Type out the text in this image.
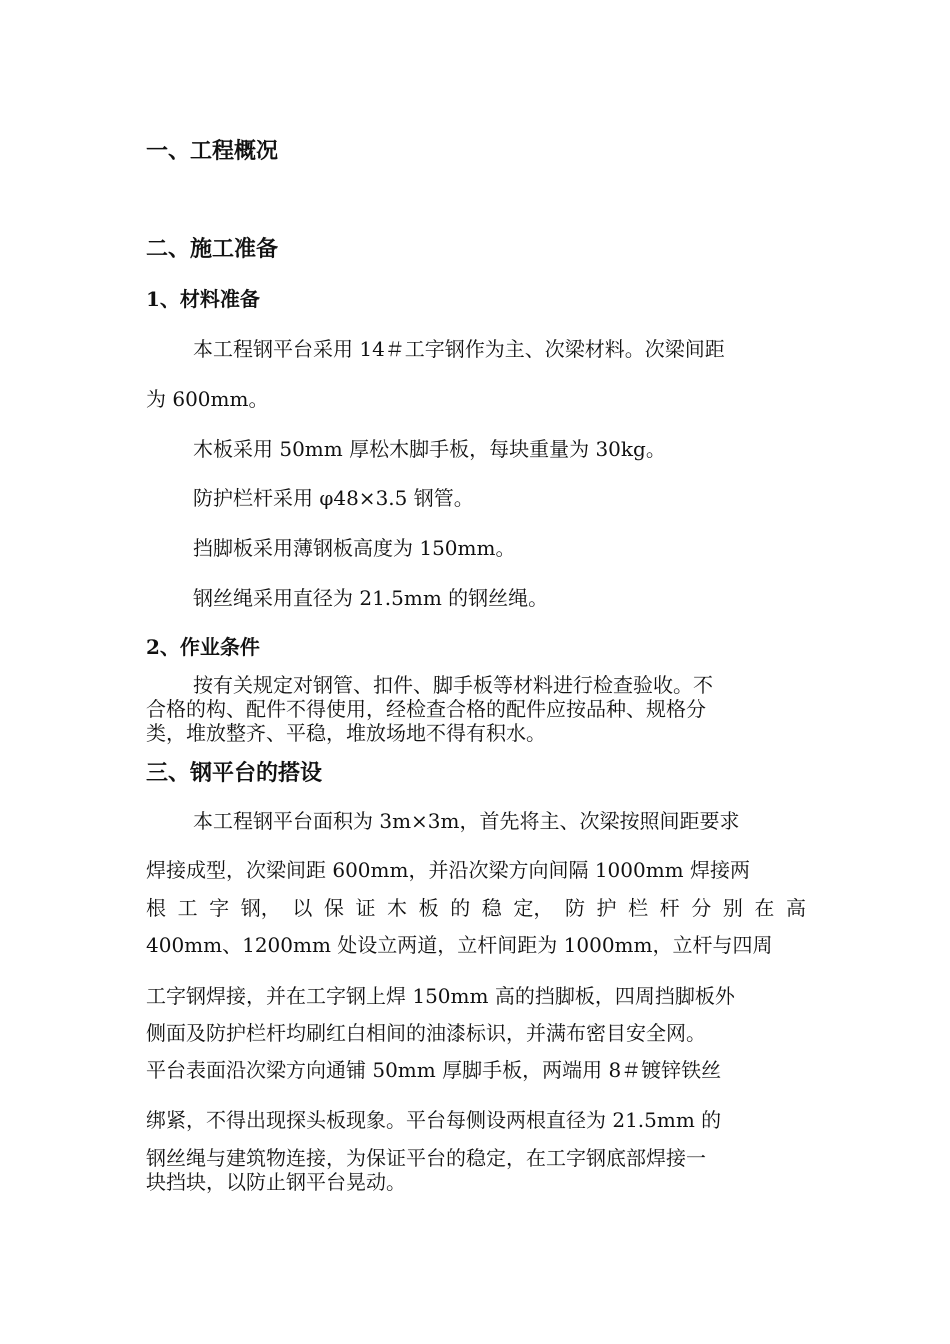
一、工程概况
二、施工准备
1、材料准备
本工程钢平台采用 14＃工字钢作为主、次梁材料。次梁间距
为 600mm。
木板采用 50mm 厚松木脚手板，每块重量为 30kg。
防护栏杆采用 φ48×3.5 钢管。
挡脚板采用薄钢板高度为 150mm。
钢丝绳采用直径为 21.5mm 的钢丝绳。
2、作业条件
按有关规定对钢管、扣件、脚手板等材料进行检查验收。不
合格的构、配件不得使用，经检查合格的配件应按品种、规格分
类，堆放整齐、平稳，堆放场地不得有积水。
三、钢平台的搭设
本工程钢平台面积为 3m×3m，首先将主、次梁按照间距要求
焊接成型，次梁间距 600mm，并沿次梁方向间隔 1000mm 焊接两
根 工 字 钢， 以 保 证 木 板 的 稳 定， 防 护 栏 杆 分 别 在 高
400mm、1200mm 处设立两道，立杆间距为 1000mm，立杆与四周
工字钢焊接，并在工字钢上焊 150mm 高的挡脚板，四周挡脚板外
侧面及防护栏杆均刷红白相间的油漆标识，并满布密目安全网。
平台表面沿次梁方向通铺 50mm 厚脚手板，两端用 8＃镀锌铁丝
绑紧，不得出现探头板现象。平台每侧设两根直径为 21.5mm 的
钢丝绳与建筑物连接，为保证平台的稳定，在工字钢底部焊接一
块挡块，以防止钢平台晃动。
